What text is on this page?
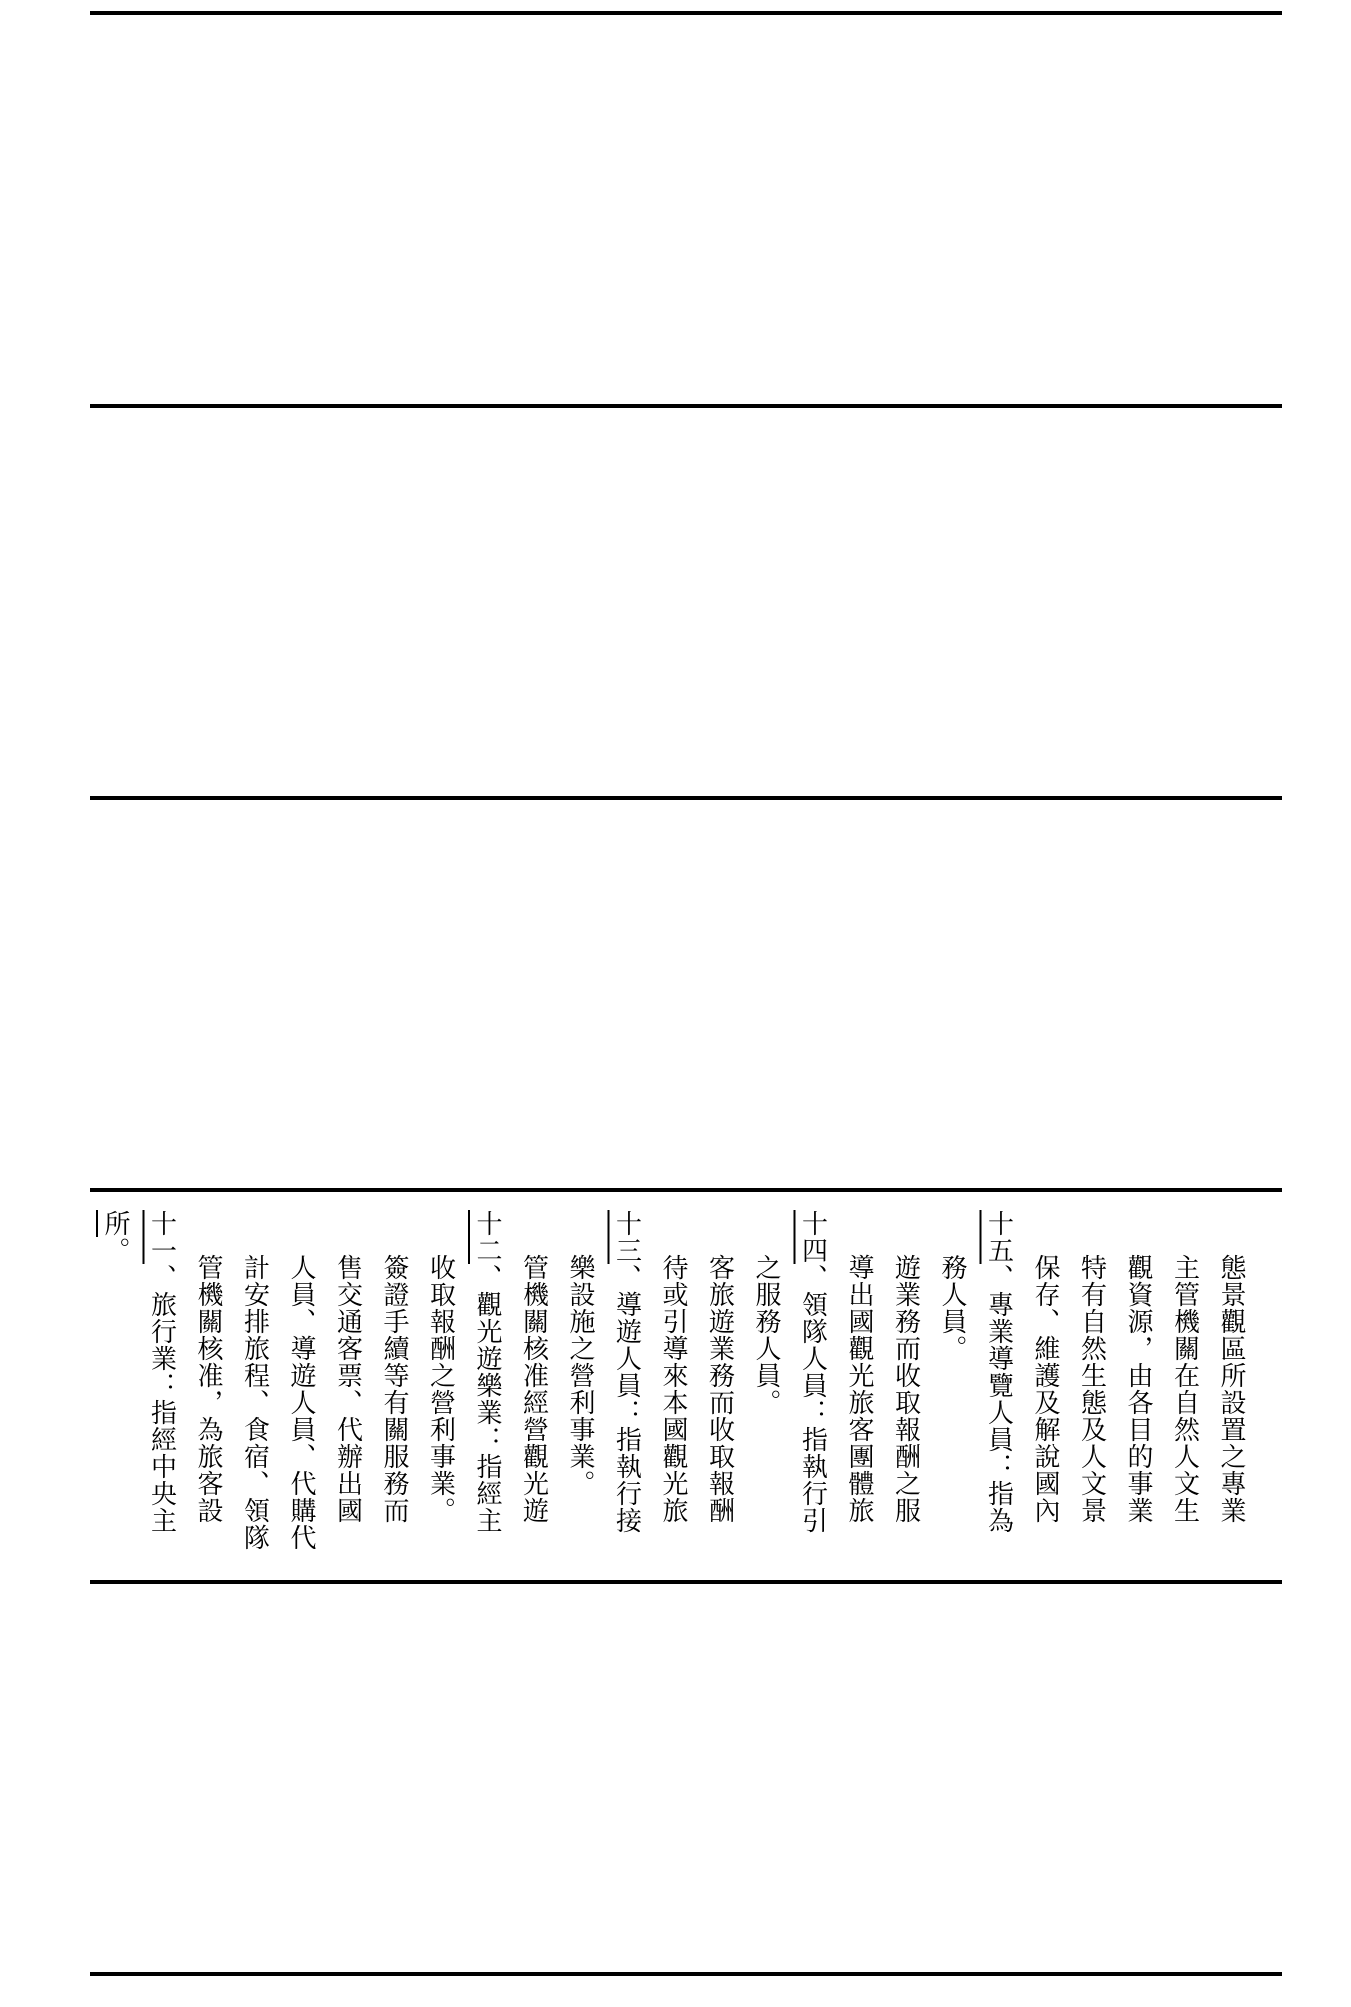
所。 十一、旅行業：指經中央主 管機關核准，為旅客設 計安排旅程、食宿、領隊 人員、導遊人員、代購代 售交通客票、代辦出國 簽證手續等有關服務而 收取報酬之營利事業。
十二、觀光遊樂業：指經主 管機關核准經營觀光遊 樂設施之營利事業。
十三、導遊人員：指執行接 待或引導來本國觀光旅 客旅遊業務而收取報酬 之服務人員。
十四、領隊人員：指執行引 導出國觀光旅客團體旅 遊業務而收取報酬之服 務人員。
十五、專業導覽人員：指為 保存、維護及解說國內 特有自然生態及人文景 觀資源，由各目的事業 主管機關在自然人文生 態景觀區所設置之專業
